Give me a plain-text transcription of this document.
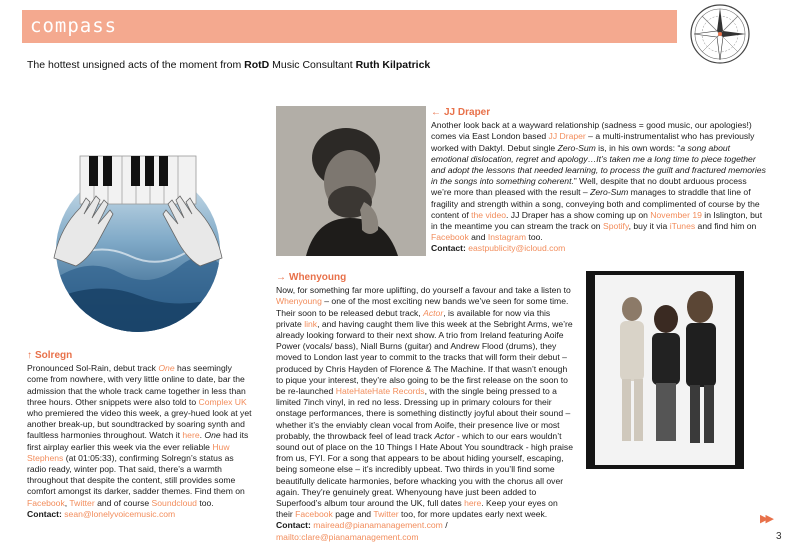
compass
The hottest unsigned acts of the moment from RotD Music Consultant Ruth Kilpatrick
← JJ Draper

Another look back at a wayward relationship (sadness = good music, our apologies!) comes via East London based JJ Draper – a multi-instrumentalist who has previously worked with Daktyl. Debut single Zero-Sum is, in his own words: “a song about emotional dislocation, regret and apology…It’s taken me a long time to piece together and adopt the lessons that needed learning, to process the guilt and fractured memories in the songs into something coherent.” Well, despite that no doubt arduous process we’re more than pleased with the result – Zero-Sum manages to straddle that line of fragility and strength within a song, conveying both and complimented of course by the content of the video. JJ Draper has a show coming up on November 19 in Islington, but in the meantime you can stream the track on Spotify, buy it via iTunes and find him on Facebook and Instagram too.

Contact: eastpublicity@icloud.com

→ Whenyoung

Now, for something far more uplifting, do yourself a favour and take a listen to Whenyoung – one of the most exciting new bands we’ve seen for some time. Their soon to be released debut track, Actor, is available for now via this private link, and having caught them live this week at the Sebright Arms, we’re already looking forward to their next show. A trio from Ireland featuring Aoife Power (vocals/ bass), Niall Burns (guitar) and Andrew Flood (drums), they moved to London last year to commit to the tracks that will form their debut – produced by Chris Hayden of Florence & The Machine. If that wasn’t enough to pique your interest, they’re also going to be the first release on the soon to be re-launched HateHateHate Records, with the single being pressed to a limited 7inch vinyl, in red no less. Dressing up in primary colours for their onstage performances, there is something distinctly joyful about their sound – whether it’s the enviably clean vocal from Aoife, their presence live or most probably, the throwback feel of lead track Actor - which to our ears wouldn’t sound out of place on the 10 Things I Hate About You soundtrack - high praise from us, FYI. For a song that appears to be about hiding yourself, escaping, being someone else – it’s incredibly upbeat. Two thirds in you’ll find some beautifully delicate harmonies, before whacking you with the chorus all over again. They’re genuinely great. Whenyoung have just been added to Superfood’s album tour around the UK, full dates here. Keep your eyes on their Facebook page and Twitter too, for more updates early next week.

Contact: mairead@pianamanagement.com / mailto:clare@pianamanagement.com

↑ Solregn

Pronounced Sol-Rain, debut track One has seemingly come from nowhere, with very little online to date, bar the admission that the whole track came together in less than three hours. Other snippets were also told to Complex UK who premiered the video this week, a grey-hued look at yet another break-up, but soundtracked by soaring synth and faultless harmonies throughout. Watch it here. One had its first airplay earlier this week via the ever reliable Huw Stephens (at 01:05:33), confirming Solregn’s status as radio ready, winter pop. That said, there’s a warmth throughout that despite the content, still provides some comfort amongst its darker, sadder themes. Find them on Facebook, Twitter and of course Soundcloud too.

Contact: sean@lonelyvoicemusic.com	▶▶
3
